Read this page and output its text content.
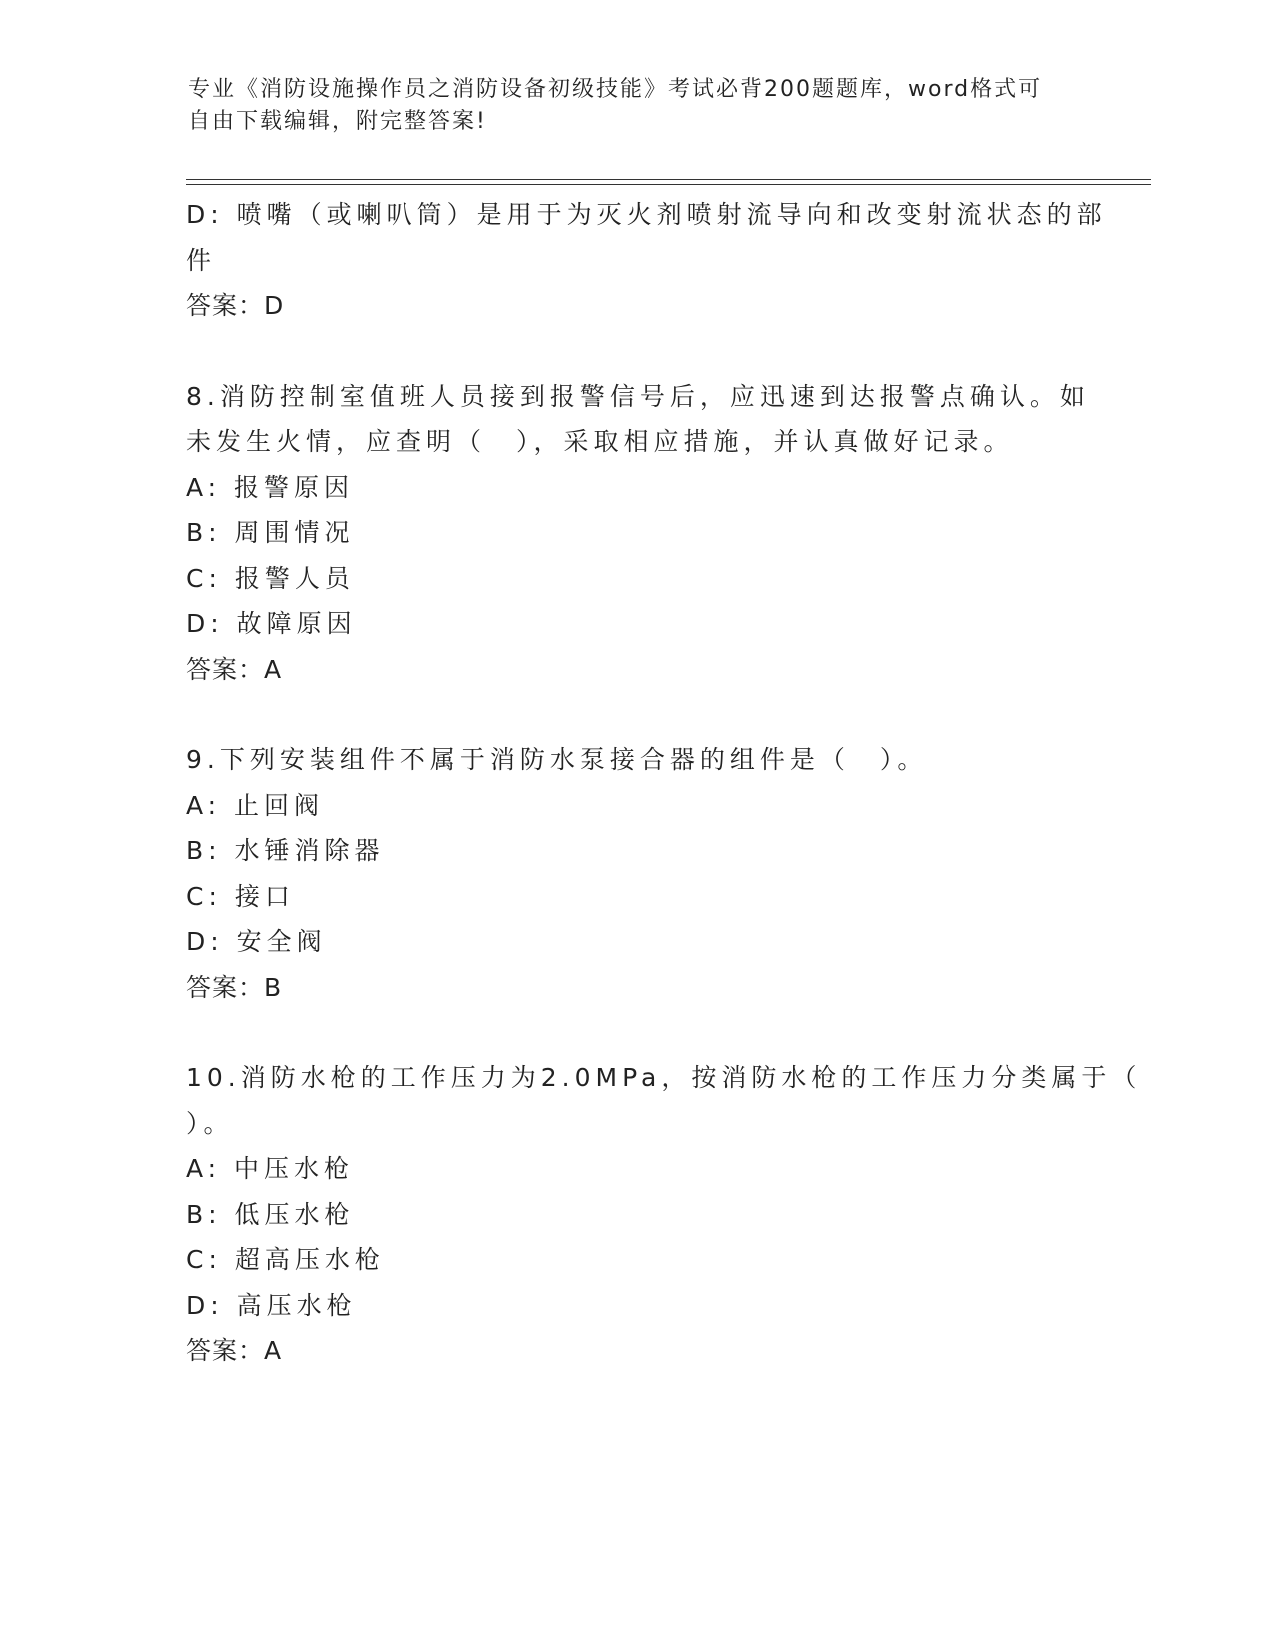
专业《消防设施操作员之消防设备初级技能》考试必背200题题库，word格式可
自由下载编辑，附完整答案!
D: 喷嘴（或喇叭筒）是用于为灭火剂喷射流导向和改变射流状态的部
件
答案：D
8.消防控制室值班人员接到报警信号后，应迅速到达报警点确认。如
未发生火情，应查明（　），采取相应措施，并认真做好记录。
A: 报警原因
B: 周围情况
C: 报警人员
D: 故障原因
答案：A
9.下列安装组件不属于消防水泵接合器的组件是（　）。
A: 止回阀
B: 水锤消除器
C: 接口
D: 安全阀
答案：B
10.消防水枪的工作压力为2.0MPa，按消防水枪的工作压力分类属于（
）。
A: 中压水枪
B: 低压水枪
C: 超高压水枪
D: 高压水枪
答案：A
